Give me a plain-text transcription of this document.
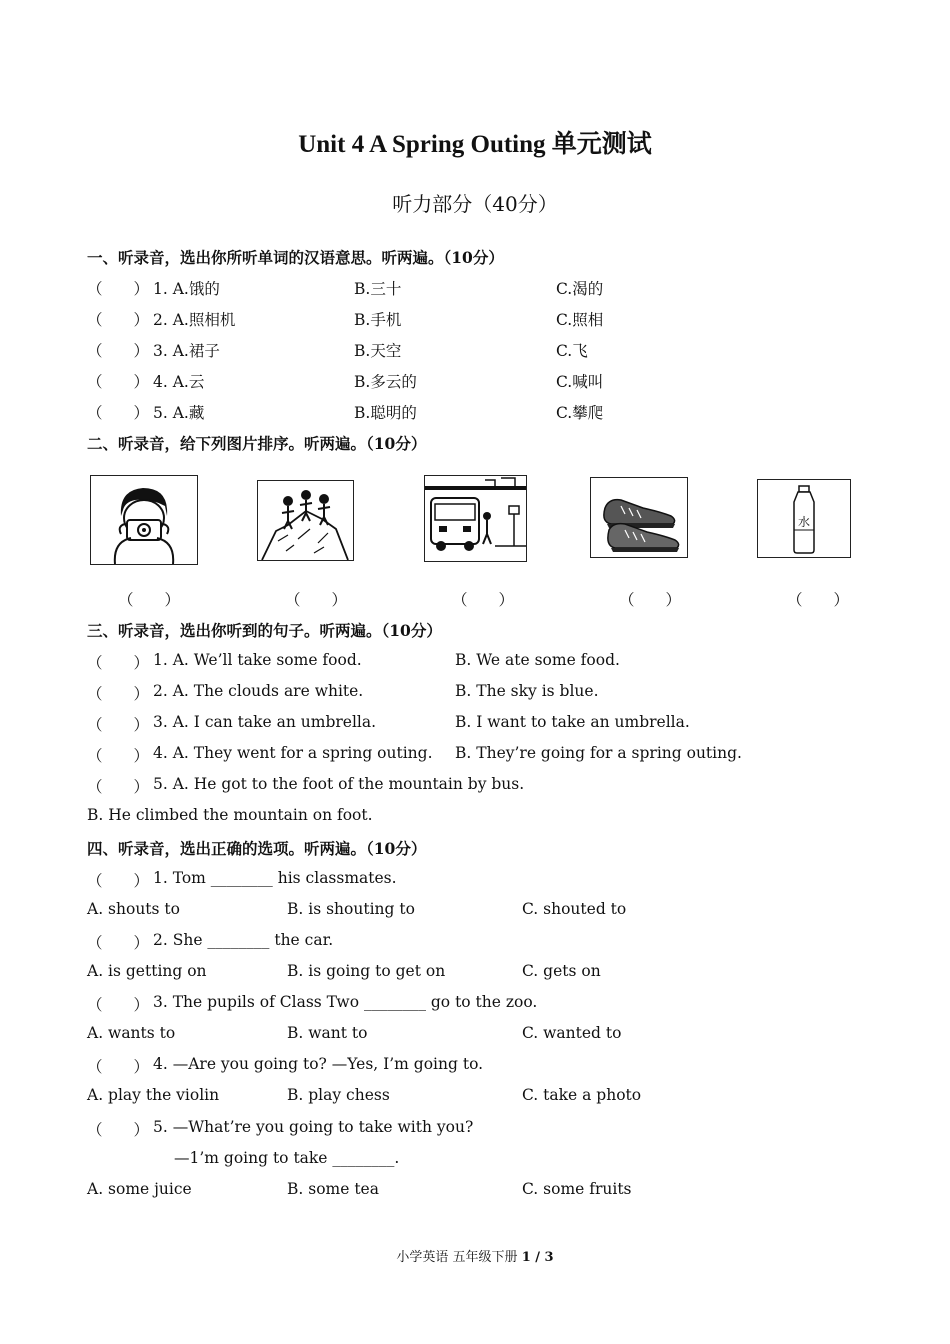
Unit 4 A Spring Outing 单元测试
听力部分（40分）
一、听录音，选出你所听单词的汉语意思。听两遍。（10分）
（　　） 1. A.饿的	B.三十	C.渴的
（　　） 2. A.照相机	B.手机	C.照相
（　　） 3. A.裙子	B.天空	C.飞
（　　） 4. A.云	B.多云的	C.喊叫
（　　） 5. A.藏	B.聪明的	C.攀爬
二、听录音，给下列图片排序。听两遍。（10分）
水
（　　）	（　　）	（　　）	（　　）	（　　）
三、听录音，选出你听到的句子。听两遍。（10分）
（　　） 1. A. We’ll take some food.	B. We ate some food.
（　　） 2. A. The clouds are white.	B. The sky is blue.
（　　） 3. A. I can take an umbrella.	B. I want to take an umbrella.
（　　） 4. A. They went for a spring outing. B. They’re going for a spring outing.
（　　） 5. A. He got to the foot of the mountain by bus.
B. He climbed the mountain on foot.
四、听录音，选出正确的选项。听两遍。（10分）
（　　） 1. Tom ________ his classmates.
A. shouts to	B. is shouting to	C. shouted to
（　　） 2. She ________ the car.
A. is getting on	B. is going to get on	C. gets on
（　　） 3. The pupils of Class Two ________ go to the zoo.
A. wants to	B. want to	C. wanted to
（　　） 4. —Are you going to? —Yes, I’m going to.
A. play the violin	B. play chess	C. take a photo
（　　） 5. —What’re you going to take with you?
—1’m going to take ________.
A. some juice	B. some tea	C. some fruits
小学英语 五年级下册 1 / 3
